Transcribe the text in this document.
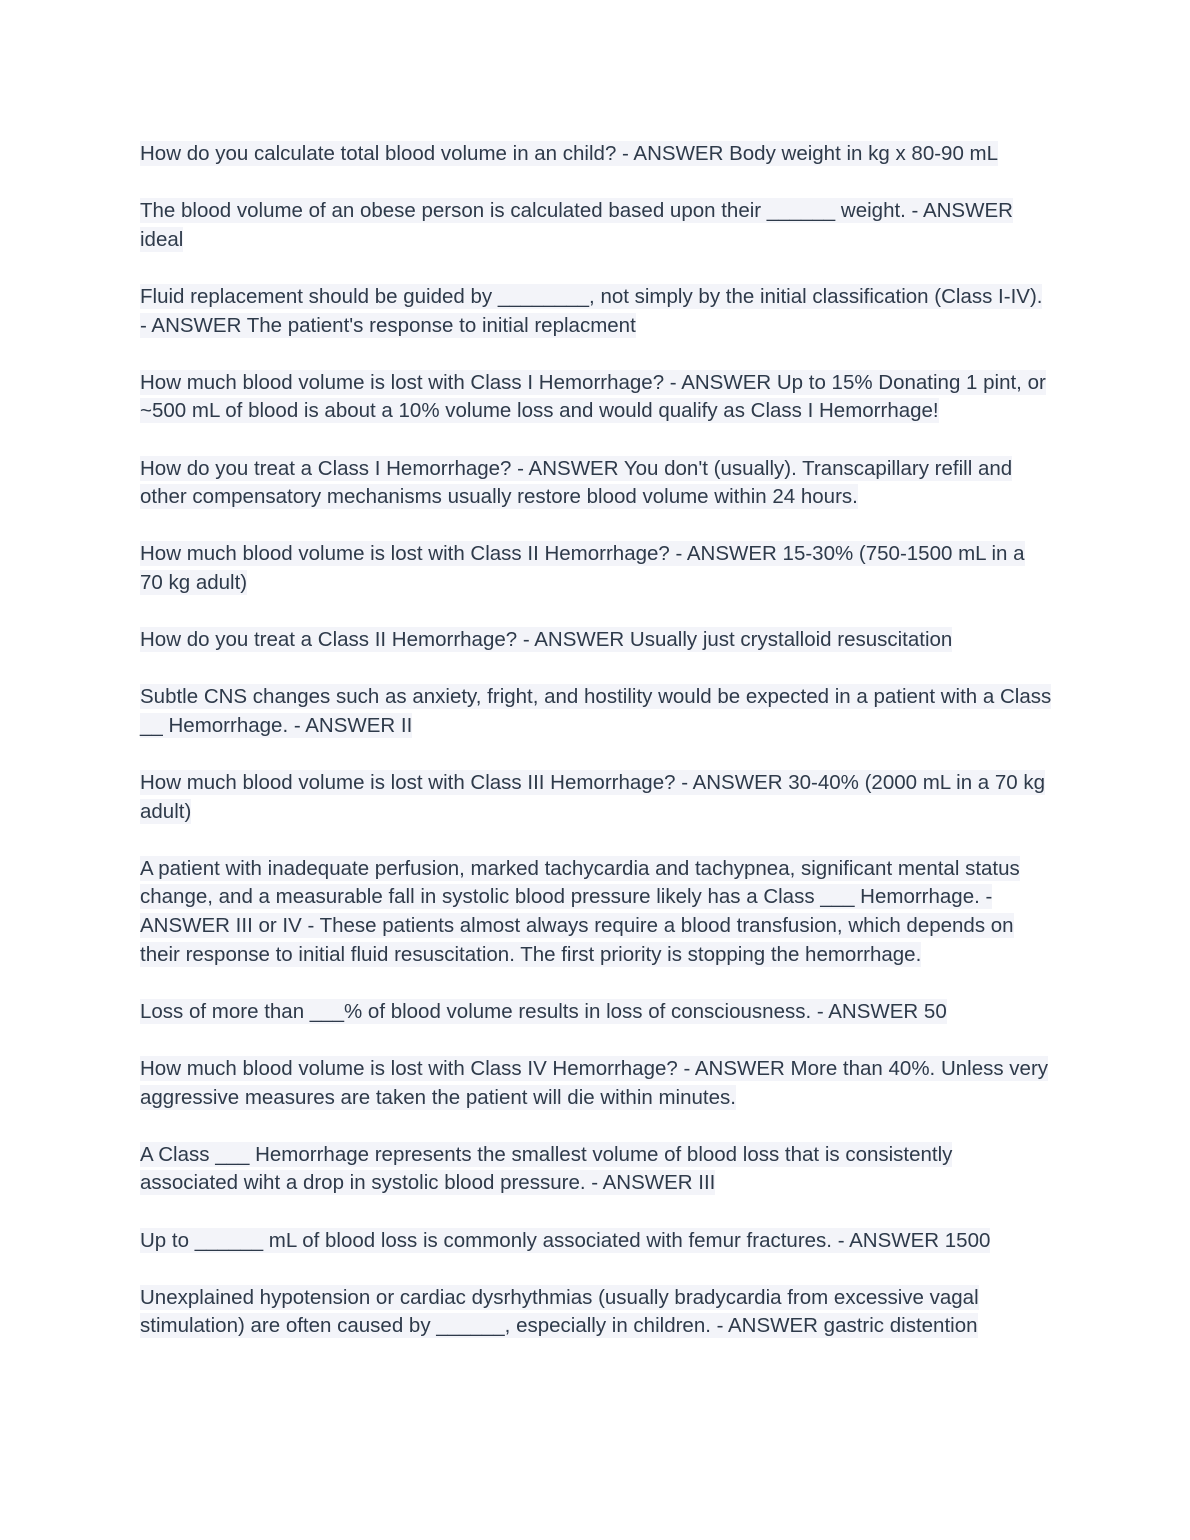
How do you calculate total blood volume in an child? - ANSWER Body weight in kg x 80-90 mL

The blood volume of an obese person is calculated based upon their ______ weight. - ANSWER ideal

Fluid replacement should be guided by ________, not simply by the initial classification (Class I-IV). - ANSWER The patient's response to initial replacment

How much blood volume is lost with Class I Hemorrhage? - ANSWER Up to 15% Donating 1 pint, or ~500 mL of blood is about a 10% volume loss and would qualify as Class I Hemorrhage!

How do you treat a Class I Hemorrhage? - ANSWER You don't (usually). Transcapillary refill and other compensatory mechanisms usually restore blood volume within 24 hours.

How much blood volume is lost with Class II Hemorrhage? - ANSWER 15-30% (750-1500 mL in a 70 kg adult)

How do you treat a Class II Hemorrhage? - ANSWER Usually just crystalloid resuscitation

Subtle CNS changes such as anxiety, fright, and hostility would be expected in a patient with a Class __ Hemorrhage. - ANSWER II

How much blood volume is lost with Class III Hemorrhage? - ANSWER 30-40% (2000 mL in a 70 kg adult)

A patient with inadequate perfusion, marked tachycardia and tachypnea, significant mental status change, and a measurable fall in systolic blood pressure likely has a Class ___ Hemorrhage. - ANSWER III or IV - These patients almost always require a blood transfusion, which depends on their response to initial fluid resuscitation. The first priority is stopping the hemorrhage.

Loss of more than ___% of blood volume results in loss of consciousness. - ANSWER 50

How much blood volume is lost with Class IV Hemorrhage? - ANSWER More than 40%. Unless very aggressive measures are taken the patient will die within minutes.

A Class ___ Hemorrhage represents the smallest volume of blood loss that is consistently associated wiht a drop in systolic blood pressure. - ANSWER III

Up to ______ mL of blood loss is commonly associated with femur fractures. - ANSWER 1500

Unexplained hypotension or cardiac dysrhythmias (usually bradycardia from excessive vagal stimulation) are often caused by ______, especially in children. - ANSWER gastric distention
